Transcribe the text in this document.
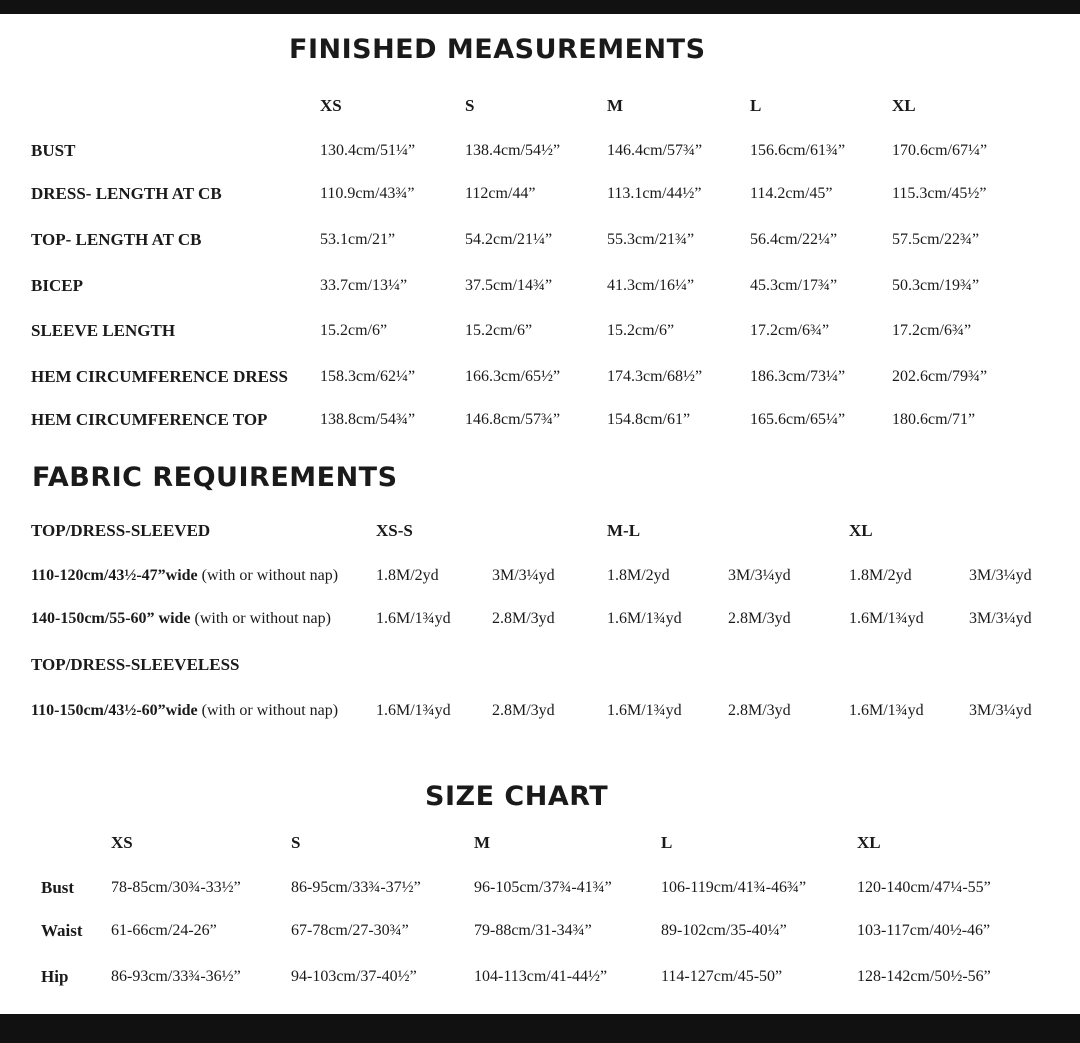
FINISHED MEASUREMENTS
XS	S	M	L	XL
BUST	130.4cm/51¼”	138.4cm/54½”	146.4cm/57¾”	156.6cm/61¾”	170.6cm/67¼”
DRESS- LENGTH AT CB	110.9cm/43¾”	112cm/44”	113.1cm/44½”	114.2cm/45”	115.3cm/45½”
TOP- LENGTH AT CB	53.1cm/21”	54.2cm/21¼”	55.3cm/21¾”	56.4cm/22¼”	57.5cm/22¾”
BICEP	33.7cm/13¼”	37.5cm/14¾”	41.3cm/16¼”	45.3cm/17¾”	50.3cm/19¾”
SLEEVE LENGTH	15.2cm/6”	15.2cm/6”	15.2cm/6”	17.2cm/6¾”	17.2cm/6¾”
HEM CIRCUMFERENCE DRESS 158.3cm/62¼”	166.3cm/65½”	174.3cm/68½”	186.3cm/73¼”	202.6cm/79¾”
HEM CIRCUMFERENCE TOP	138.8cm/54¾”	146.8cm/57¾”	154.8cm/61”	165.6cm/65¼”	180.6cm/71”
FABRIC REQUIREMENTS
TOP/DRESS-SLEEVED	XS-S	M-L	XL
110-120cm/43½-47”wide (with or without nap) 1.8M/2yd	3M/3¼yd	1.8M/2yd	3M/3¼yd	1.8M/2yd	3M/3¼yd
140-150cm/55-60” wide (with or without nap)	1.6M/1¾yd	2.8M/3yd	1.6M/1¾yd	2.8M/3yd	1.6M/1¾yd	3M/3¼yd
TOP/DRESS-SLEEVELESS
110-150cm/43½-60”wide (with or without nap) 1.6M/1¾yd	2.8M/3yd	1.6M/1¾yd	2.8M/3yd	1.6M/1¾yd	3M/3¼yd
SIZE CHART
XS	S	M	L	XL
Bust 78-85cm/30¾-33½”	86-95cm/33¾-37½”	96-105cm/37¾-41¾”	106-119cm/41¾-46¾”	120-140cm/47¼-55”
Waist 61-66cm/24-26”	67-78cm/27-30¾”	79-88cm/31-34¾”	89-102cm/35-40¼”	103-117cm/40½-46”
Hip	86-93cm/33¾-36½”	94-103cm/37-40½”	104-113cm/41-44½”	114-127cm/45-50”	128-142cm/50½-56”
